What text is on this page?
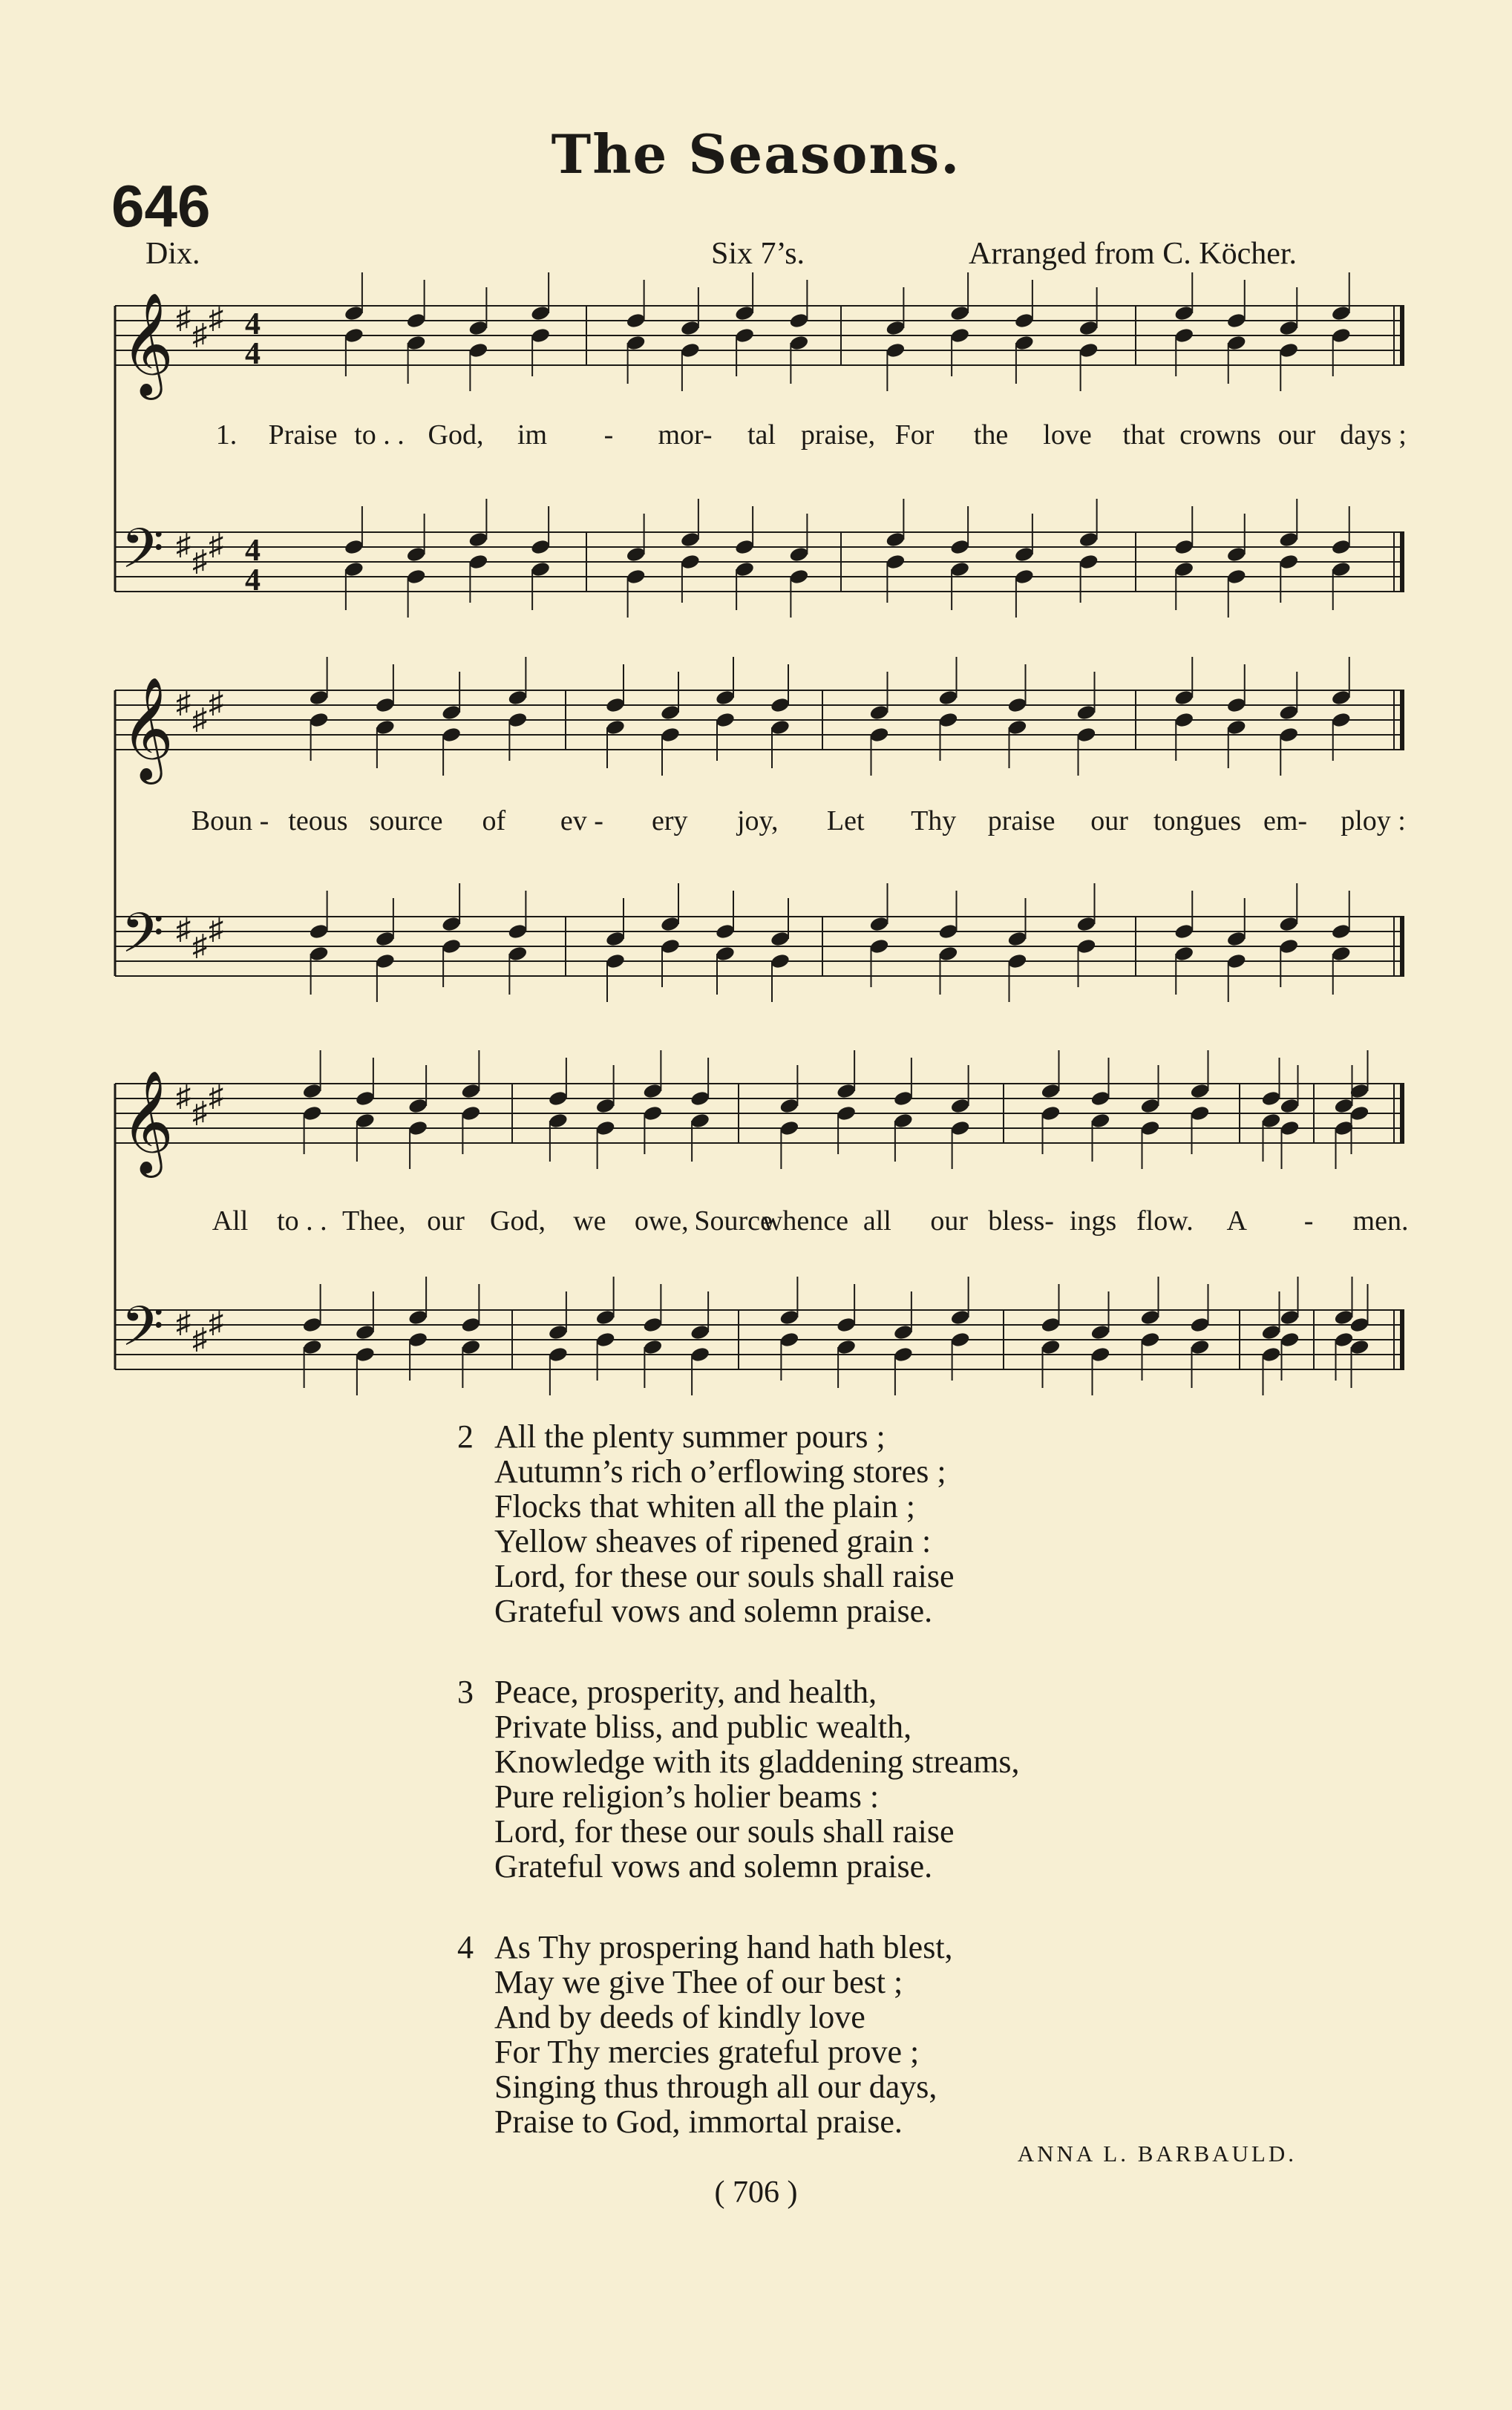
The Seasons.
646
Dix.	Six 7’s.	Arranged from C. Köcher.
𝄞 ♯ ♯ ♯ 4
4
𝄢 ♯ ♯ ♯ 4
4
1. Praise to . . God, im - mor- tal praise, For the love that crowns our days ;
𝄞 ♯ ♯ ♯
𝄢 ♯ ♯ ♯
Boun - teous source of ev - ery joy, Let Thy praise our tongues em- ploy :
𝄞 ♯ ♯ ♯
𝄢 ♯ ♯ ♯
All to . . Thee, our God, we owe, Source
whence all our bless- ings flow. A - men.
2 All the plenty summer pours ;
Autumn’s rich o’erflowing stores ;
Flocks that whiten all the plain ;
Yellow sheaves of ripened grain :
Lord, for these our souls shall raise
Grateful vows and solemn praise.
3 Peace, prosperity, and health,
Private bliss, and public wealth,
Knowledge with its gladdening streams,
Pure religion’s holier beams :
Lord, for these our souls shall raise
Grateful vows and solemn praise.
4 As Thy prospering hand hath blest,
May we give Thee of our best ;
And by deeds of kindly love
For Thy mercies grateful prove ;
Singing thus through all our days,
Praise to God, immortal praise.
ANNA L. BARBAULD.
( 706 )
